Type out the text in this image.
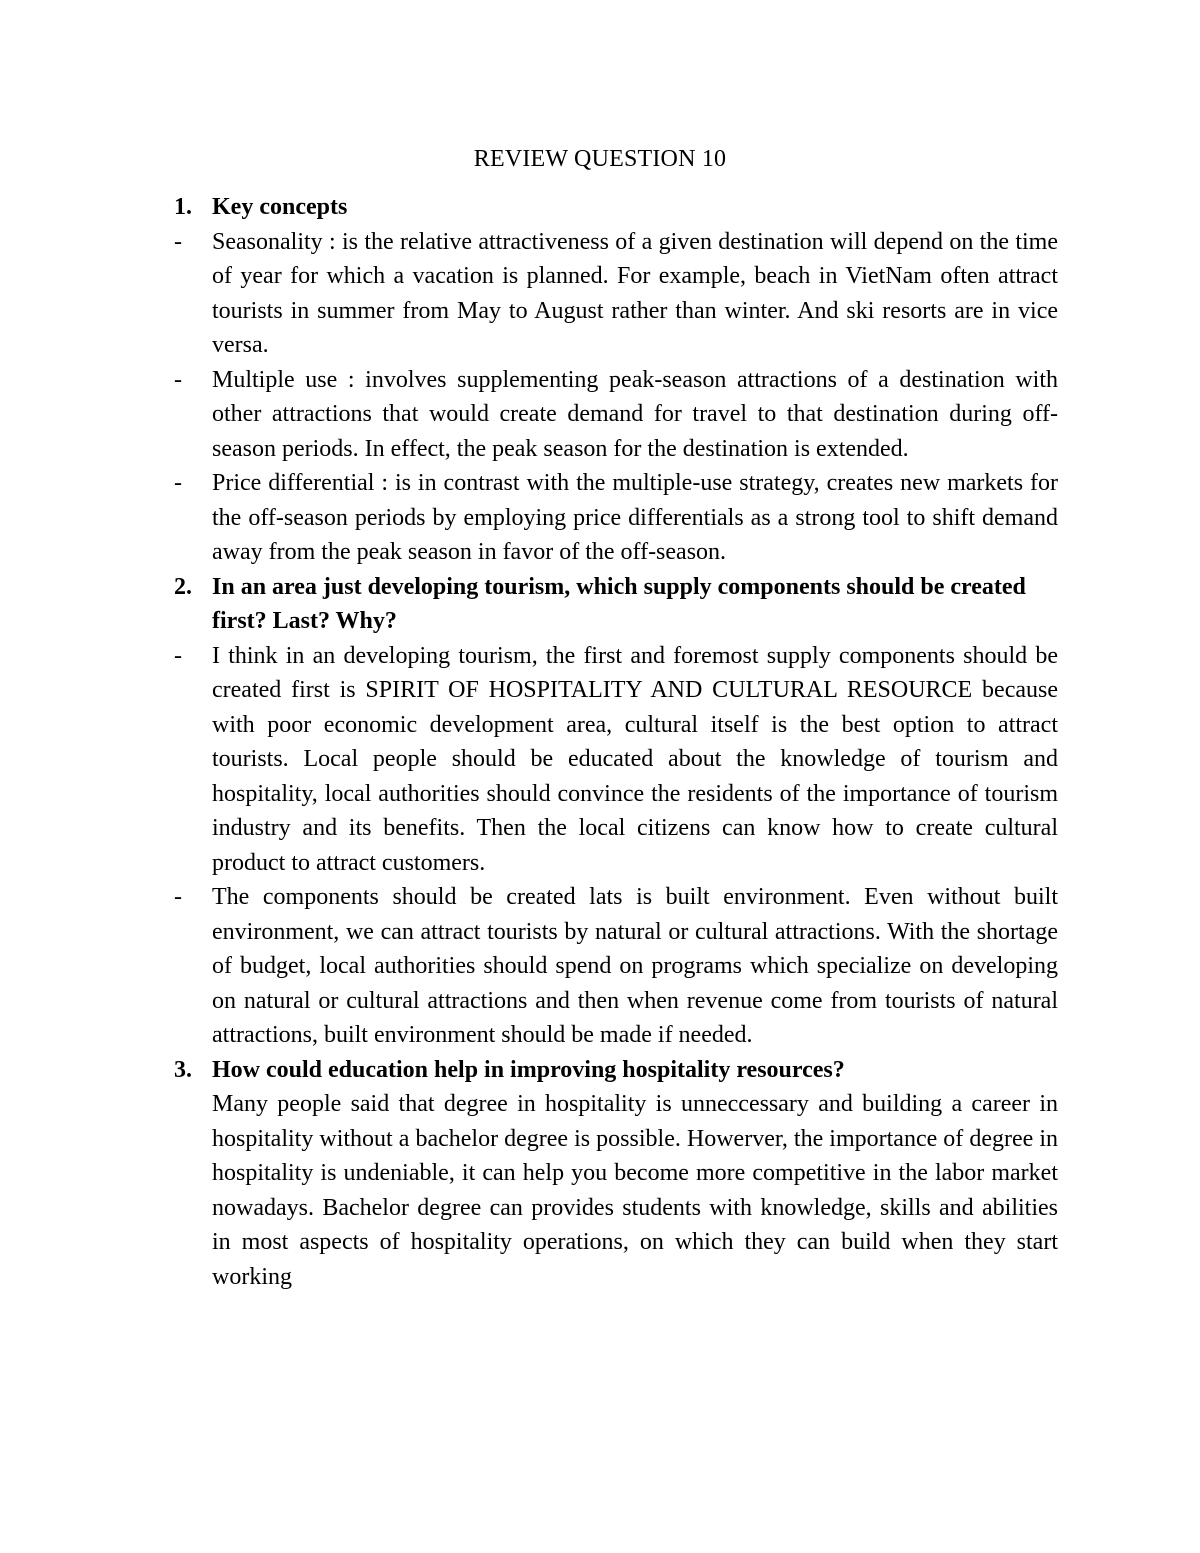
REVIEW QUESTION 10
1. Key concepts
- Seasonality : is the relative attractiveness of a given destination will depend on the time of year for which a vacation is planned. For example, beach in VietNam often attract tourists in summer from May to August rather than winter. And ski resorts are in vice versa.
- Multiple use : involves supplementing peak-season attractions of a destination with other attractions that would create demand for travel to that destination during off-season periods. In effect, the peak season for the destination is extended.
- Price differential : is in contrast with the multiple-use strategy, creates new markets for the off-season periods by employing price differentials as a strong tool to shift demand away from the peak season in favor of the off-season.
2. In an area just developing tourism, which supply components should be created first? Last? Why?
- I think in an developing tourism, the first and foremost supply components should be created first is SPIRIT OF HOSPITALITY AND CULTURAL RESOURCE because with poor economic development area, cultural itself is the best option to attract tourists. Local people should be educated about the knowledge of tourism and hospitality, local authorities should convince the residents of the importance of tourism industry and its benefits. Then the local citizens can know how to create cultural product to attract customers.
- The components should be created lats is built environment. Even without built environment, we can attract tourists by natural or cultural attractions. With the shortage of budget, local authorities should spend on programs which specialize on developing on natural or cultural attractions and then when revenue come from tourists of natural attractions, built environment should be made if needed.
3. How could education help in improving hospitality resources?
Many people said that degree in hospitality is unneccessary and building a career in hospitality without a bachelor degree is possible. Howerver, the importance of degree in hospitality is undeniable, it can help you become more competitive in the labor market nowadays. Bachelor degree can provides students with knowledge, skills and abilities in most aspects of hospitality operations, on which they can build when they start working
